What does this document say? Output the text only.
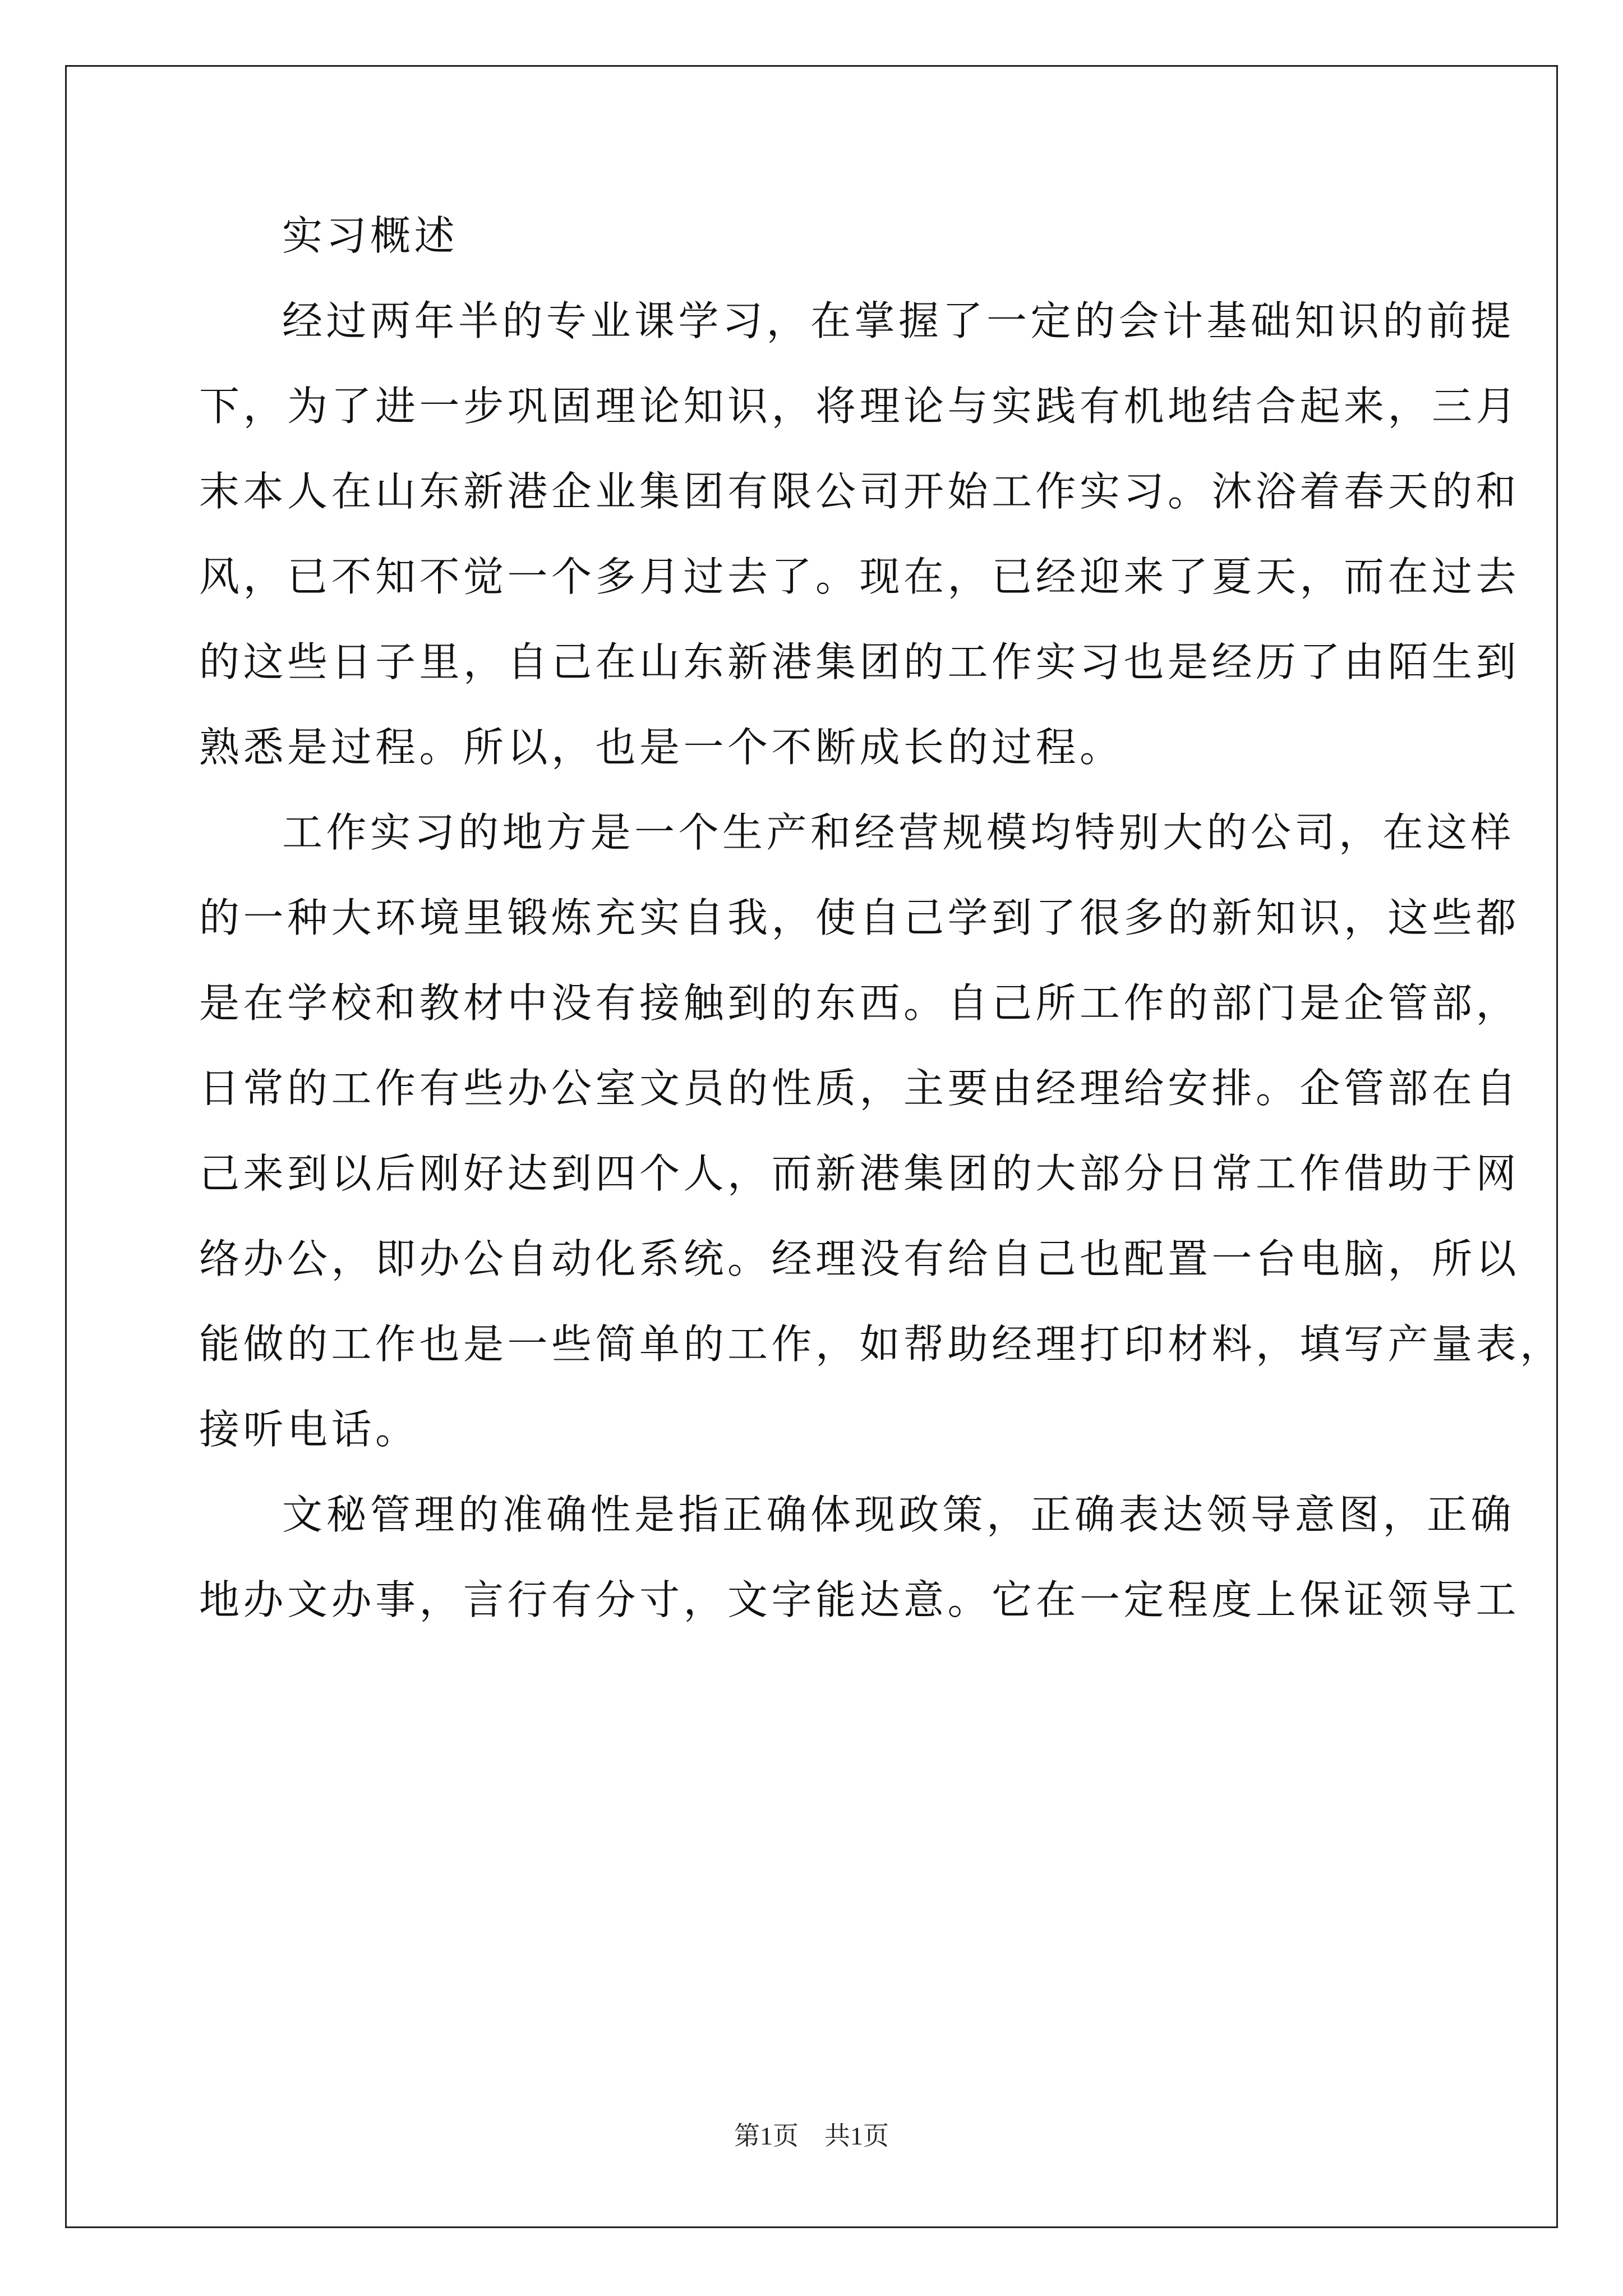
实习概述
经过两年半的专业课学习，在掌握了一定的会计基础知识的前提
下，为了进一步巩固理论知识，将理论与实践有机地结合起来，三月
末本人在山东新港企业集团有限公司开始工作实习。沐浴着春天的和
风，已不知不觉一个多月过去了。现在，已经迎来了夏天，而在过去
的这些日子里，自己在山东新港集团的工作实习也是经历了由陌生到
熟悉是过程。所以，也是一个不断成长的过程。
工作实习的地方是一个生产和经营规模均特别大的公司，在这样
的一种大环境里锻炼充实自我，使自己学到了很多的新知识，这些都
是在学校和教材中没有接触到的东西。自己所工作的部门是企管部，
日常的工作有些办公室文员的性质，主要由经理给安排。企管部在自
己来到以后刚好达到四个人，而新港集团的大部分日常工作借助于网
络办公，即办公自动化系统。经理没有给自己也配置一台电脑，所以
能做的工作也是一些简单的工作，如帮助经理打印材料，填写产量表，
接听电话。
文秘管理的准确性是指正确体现政策，正确表达领导意图，正确
地办文办事，言行有分寸，文字能达意。它在一定程度上保证领导工
第1页　共1页
